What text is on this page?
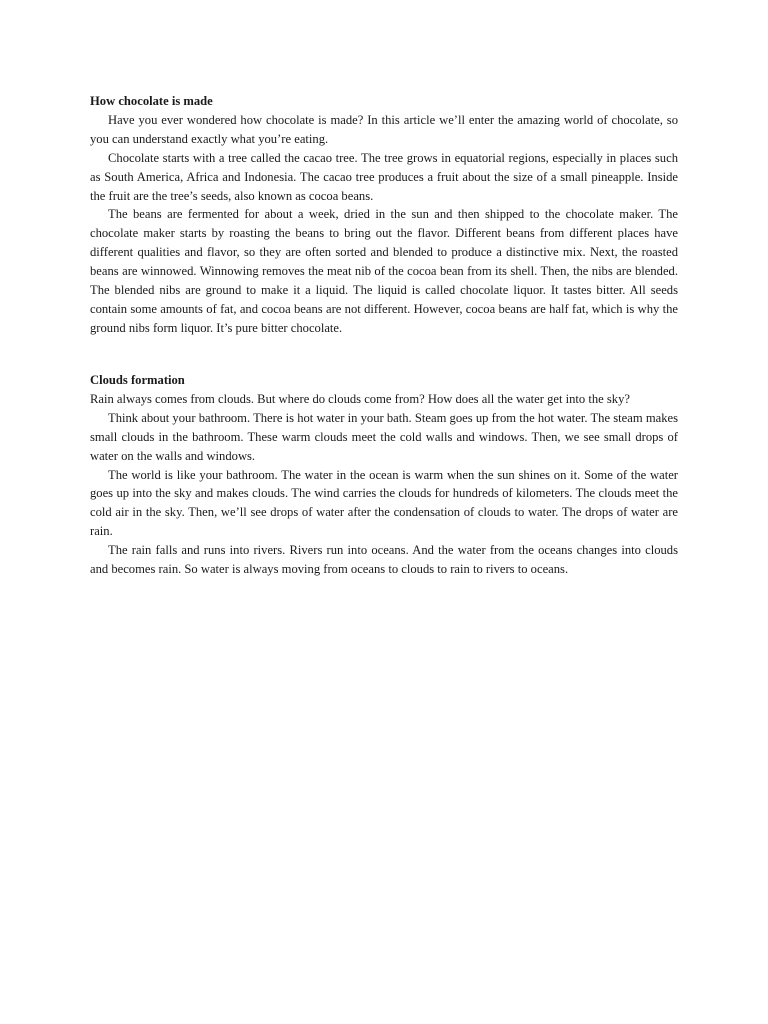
How chocolate is made

Have you ever wondered how chocolate is made? In this article we’ll enter the amazing world of chocolate, so you can understand exactly what you’re eating.

Chocolate starts with a tree called the cacao tree. The tree grows in equatorial regions, especially in places such as South America, Africa and Indonesia. The cacao tree produces a fruit about the size of a small pineapple. Inside the fruit are the tree’s seeds, also known as cocoa beans.

The beans are fermented for about a week, dried in the sun and then shipped to the chocolate maker. The chocolate maker starts by roasting the beans to bring out the flavor. Different beans from different places have different qualities and flavor, so they are often sorted and blended to produce a distinctive mix. Next, the roasted beans are winnowed. Winnowing removes the meat nib of the cocoa bean from its shell. Then, the nibs are blended. The blended nibs are ground to make it a liquid. The liquid is called chocolate liquor. It tastes bitter. All seeds contain some amounts of fat, and cocoa beans are not different. However, cocoa beans are half fat, which is why the ground nibs form liquor. It’s pure bitter chocolate.

Clouds formation

Rain always comes from clouds. But where do clouds come from? How does all the water get into the sky?

Think about your bathroom. There is hot water in your bath. Steam goes up from the hot water. The steam makes small clouds in the bathroom. These warm clouds meet the cold walls and windows. Then, we see small drops of water on the walls and windows.

The world is like your bathroom. The water in the ocean is warm when the sun shines on it. Some of the water goes up into the sky and makes clouds. The wind carries the clouds for hundreds of kilometers. The clouds meet the cold air in the sky. Then, we’ll see drops of water after the condensation of clouds to water. The drops of water are rain.

The rain falls and runs into rivers. Rivers run into oceans. And the water from the oceans changes into clouds and becomes rain. So water is always moving from oceans to clouds to rain to rivers to oceans.
